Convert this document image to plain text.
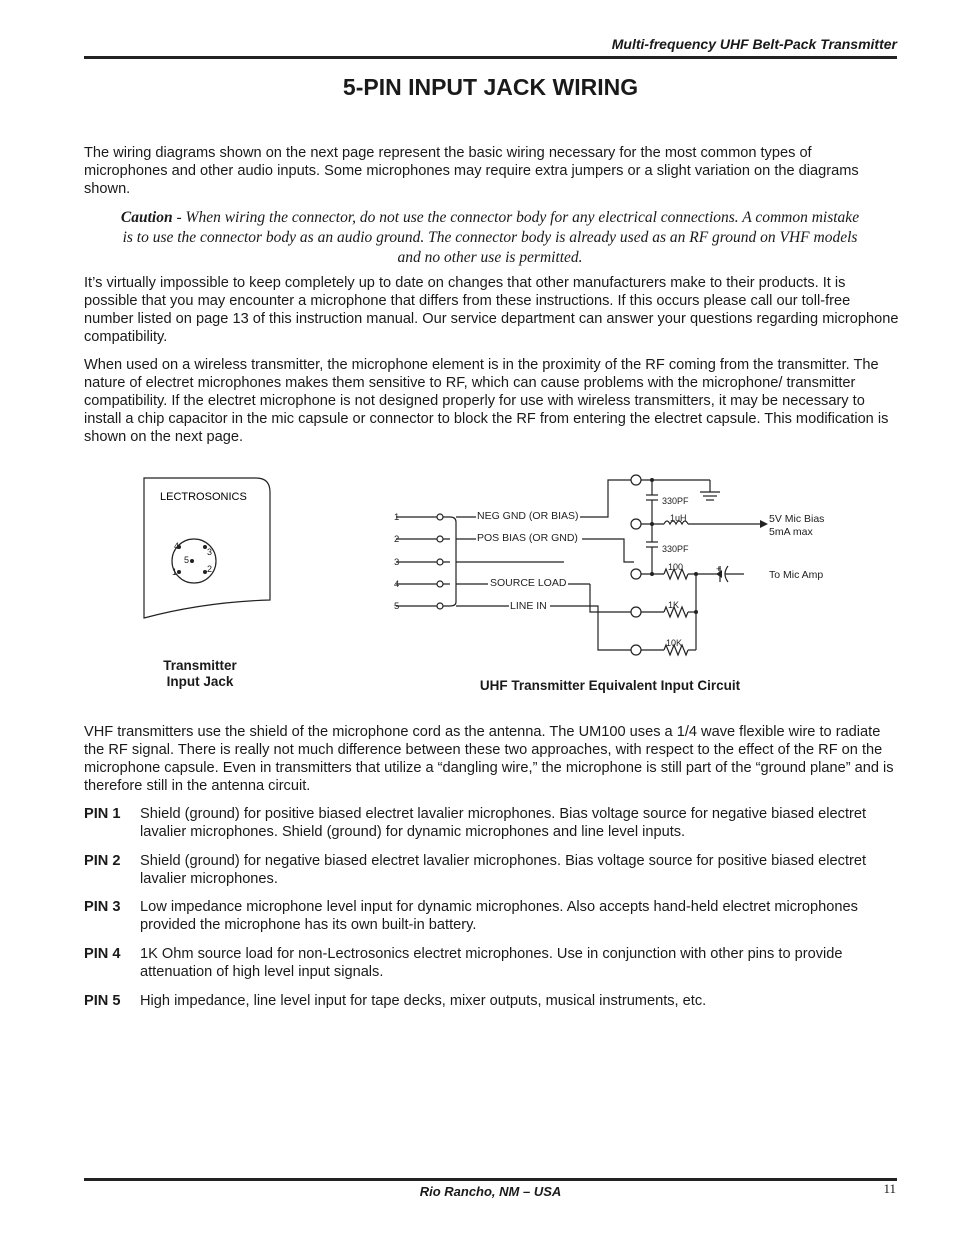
Multi-frequency UHF Belt-Pack Transmitter
5-PIN INPUT JACK WIRING

The wiring diagrams shown on the next page represent the basic wiring necessary for the most common types of microphones and other audio inputs. Some microphones may require extra jumpers or a slight variation on the diagrams shown.

Caution - When wiring the connector, do not use the connector body for any electrical connections. A common mistake is to use the connector body as an audio ground. The connector body is already used as an RF ground on VHF models and no other use is permitted.

It’s virtually impossible to keep completely up to date on changes that other manufacturers make to their products. It is possible that you may encounter a microphone that differs from these instructions. If this occurs please call our toll-free number listed on page 13 of this instruction manual. Our service department can answer your questions regarding microphone compatibility.

When used on a wireless transmitter, the microphone element is in the proximity of the RF coming from the transmitter. The nature of electret microphones makes them sensitive to RF, which can cause problems with the microphone/ transmitter compatibility. If the electret microphone is not designed properly for use with wireless transmitters, it may be necessary to install a chip capacitor in the mic capsule or connector to block the RF from entering the electret capsule. This modification is shown on the next page.

LECTROSONICS
4
3
5
1	2
1
2
3
4
5
NEG GND (OR BIAS)
POS BIAS (OR GND)
SOURCE LOAD
LINE IN
330PF
1uH
330PF
100
1K
10K
+
5V Mic Bias
5mA max
To Mic Amp
Transmitter
Input Jack	UHF Transmitter Equivalent Input Circuit

VHF transmitters use the shield of the microphone cord as the antenna. The UM100 uses a 1/4 wave flexible wire to radiate the RF signal. There is really not much difference between these two approaches, with respect to the effect of the RF on the microphone capsule. Even in transmitters that utilize a “dangling wire,” the microphone is still part of the “ground plane” and is therefore still in the antenna circuit.

PIN 1	Shield (ground) for positive biased electret lavalier microphones. Bias voltage source for negative biased electret lavalier microphones. Shield (ground) for dynamic microphones and line level inputs.
PIN 2	Shield (ground) for negative biased electret lavalier microphones. Bias voltage source for positive biased electret lavalier microphones.
PIN 3	Low impedance microphone level input for dynamic microphones. Also accepts hand-held electret microphones provided the microphone has its own built-in battery.
PIN 4	1K Ohm source load for non-Lectrosonics electret microphones. Use in conjunction with other pins to provide attenuation of high level input signals.
PIN 5	High impedance, line level input for tape decks, mixer outputs, musical instruments, etc.
Rio Rancho, NM – USA	11
